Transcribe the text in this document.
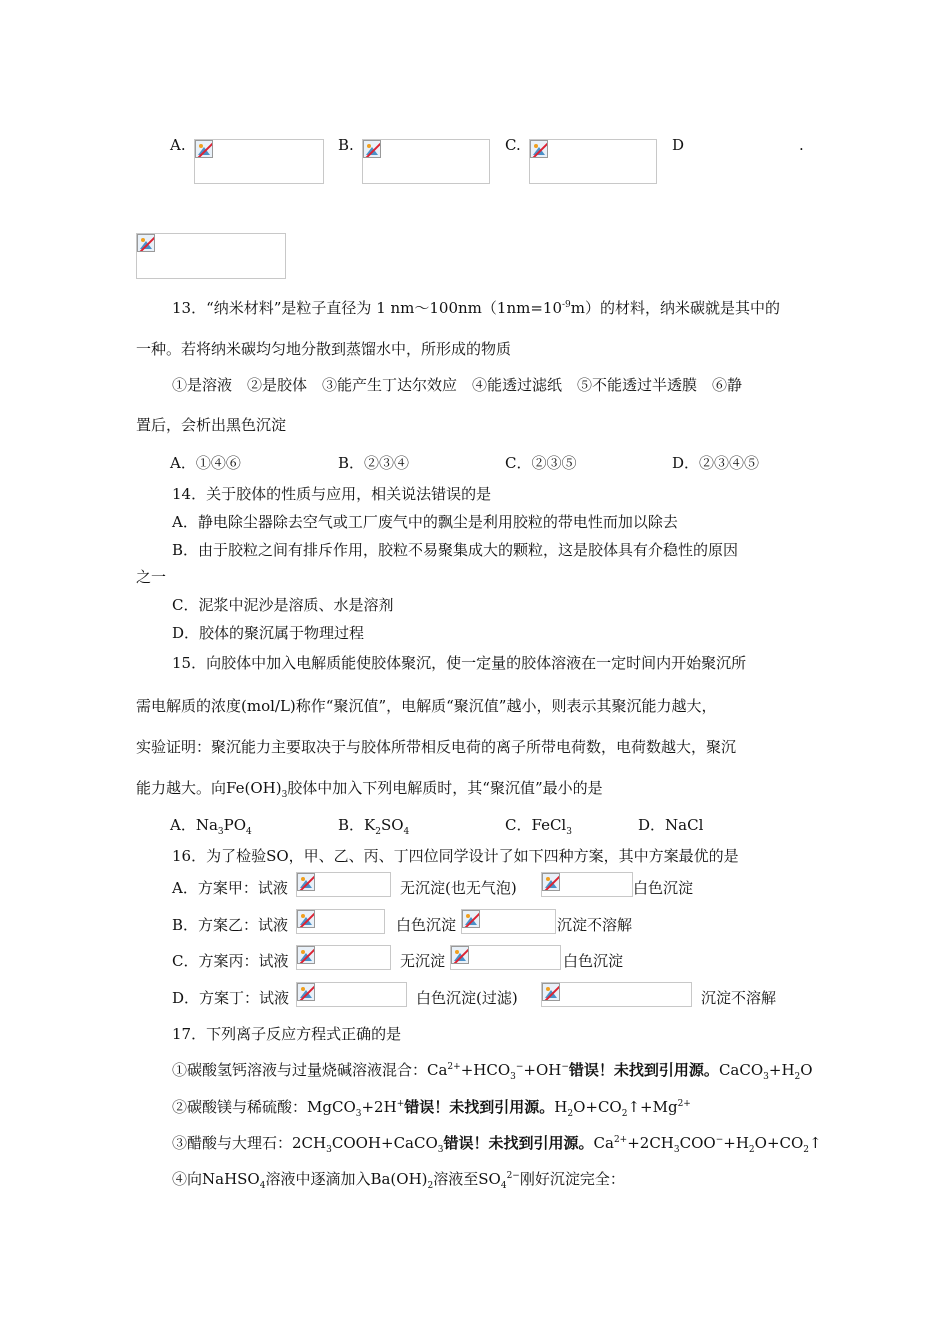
A.	B.	C.	D	.
13．“纳米材料”是粒子直径为 1 $nm\sim 100nm(1nm=10^{-9}m)$的材料，纳米碳就是其中的
一种。若将纳米碳均匀地分散到蒸馏水中，所形成的物质
①是溶液　②是胶体　③能产生丁达尔效应　④能透过滤纸　⑤不能透过半透膜　⑥静
置后，会析出黑色沉淀
A．①④⑥	B．②③④	C．②③⑤	D．②③④⑤
14．关于胶体的性质与应用，相关说法错误的是
A．静电除尘器除去空气或工厂废气中的飘尘是利用胶粒的带电性而加以除去
B．由于胶粒之间有排斥作用，胶粒不易聚集成大的颗粒，这是胶体具有介稳性的原因
之一
C．泥浆中泥沙是溶质、水是溶剂
D．胶体的聚沉属于物理过程
15．向胶体中加入电解质能使胶体聚沉，使一定量的胶体溶液在一定时间内开始聚沉所
需电解质的浓度(mol/L)称作“聚沉值”，电解质“聚沉值”越小，则表示其聚沉能力越大，
实验证明：聚沉能力主要取决于与胶体所带相反电荷的离子所带电荷数，电荷数越大，聚沉
能力越大。向$Fe(OH)_3$胶体中加入下列电解质时，其“聚沉值”最小的是
A．$Na_3PO_4$	B．$K_2SO_4$	C．FeCl$_3$	D．NaCl
16．为了检验SO，甲、乙、丙、丁四位同学设计了如下四种方案，其中方案最优的是
A．方案甲：试液	无沉淀(也无气泡)	白色沉淀
B．方案乙：试液	白色沉淀	沉淀不溶解
C．方案丙：试液	无沉淀	白色沉淀
D．方案丁：试液	白色沉淀(过滤)	沉淀不溶解
17．下列离子反应方程式正确的是
①碳酸氢钙溶液与过量烧碱溶液混合：$Ca^{2+}+HCO_3^-+OH^-$错误！未找到引用源。$CaCO_3+H_2O$
②碳酸镁与稀硫酸：MgCO$_3$+2H+错误！未找到引用源。$H_2O+CO_2↑+Mg^{2+}$
③醋酸与大理石：$2CH_3COOH+CaCO_3$错误！未找到引用源。$Ca^{2+}+2CH_3COO^-+H_2O+CO_2↑$
④向NaHSO$_4$溶液中逐滴加入$Ba(OH)_2$溶液至$SO_4^{2-}$刚好沉淀完全：
